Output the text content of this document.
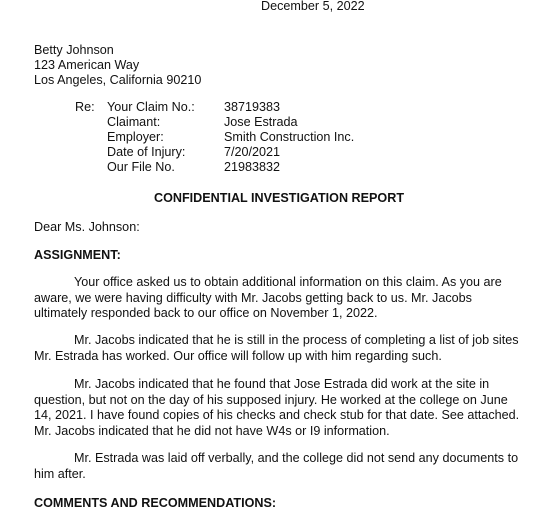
December 5, 2022
Betty Johnson
123 American Way
Los Angeles, California 90210
Re:	Your Claim No.:	38719383
	Claimant:	Jose Estrada
	Employer:	Smith Construction Inc.
	Date of Injury:	7/20/2021
	Our File No.	21983832
CONFIDENTIAL INVESTIGATION REPORT
Dear Ms. Johnson:
ASSIGNMENT:
Your office asked us to obtain additional information on this claim. As you are aware, we were having difficulty with Mr. Jacobs getting back to us. Mr. Jacobs ultimately responded back to our office on November 1, 2022.
Mr. Jacobs indicated that he is still in the process of completing a list of job sites Mr. Estrada has worked. Our office will follow up with him regarding such.
Mr. Jacobs indicated that he found that Jose Estrada did work at the site in question, but not on the day of his supposed injury. He worked at the college on June 14, 2021. I have found copies of his checks and check stub for that date. See attached. Mr. Jacobs indicated that he did not have W4s or I9 information.
Mr. Estrada was laid off verbally, and the college did not send any documents to him after.
COMMENTS AND RECOMMENDATIONS:
